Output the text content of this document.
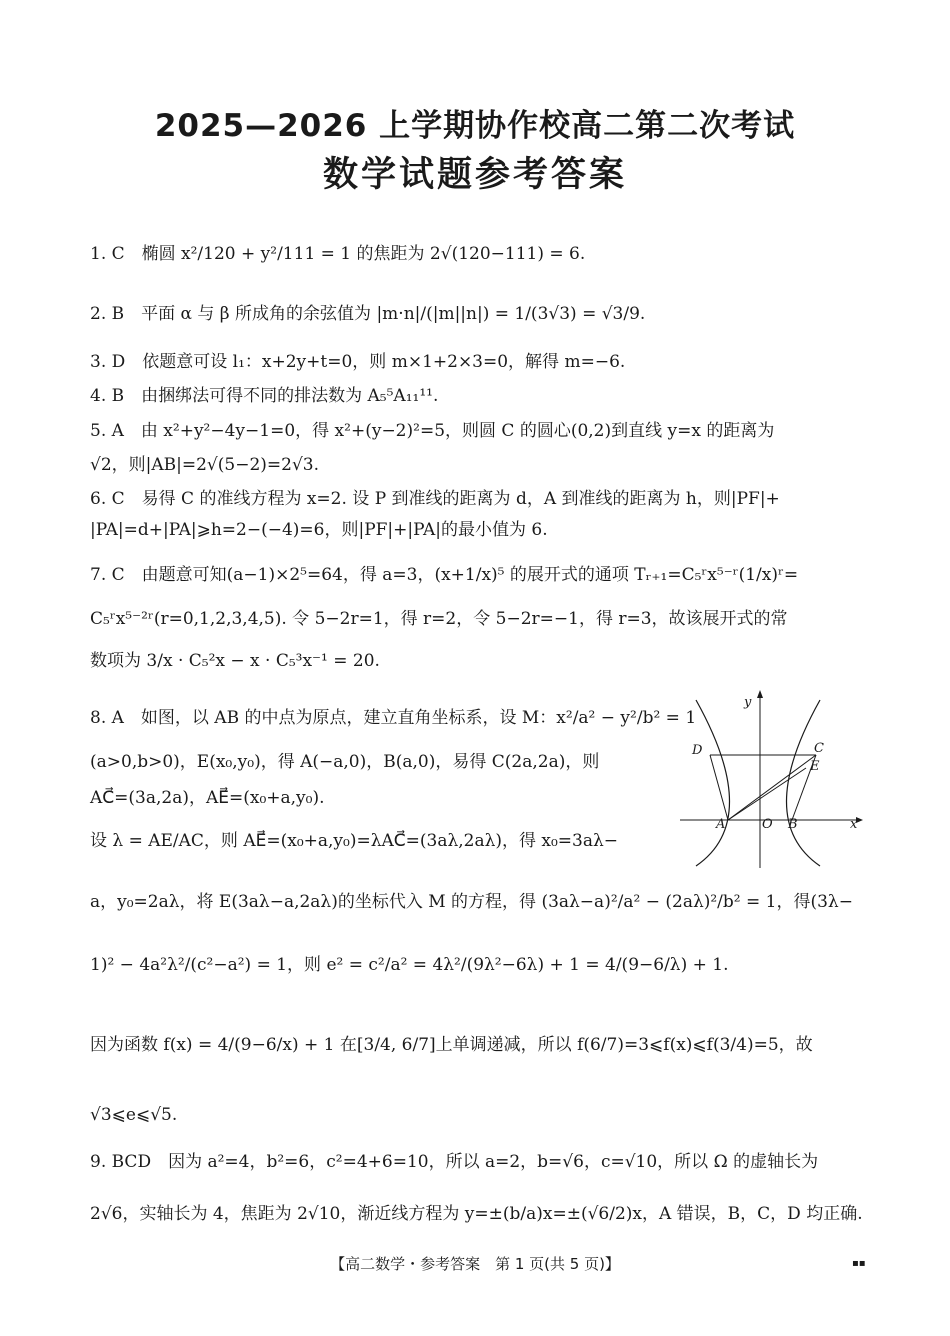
2025—2026 上学期协作校高二第二次考试
数学试题参考答案
1. C　椭圆 x²/120 + y²/111 = 1 的焦距为 2√(120−111) = 6.
2. B　平面 α 与 β 所成角的余弦值为 |m·n|/(|m||n|) = 1/(3√3) = √3/9.
3. D　依题意可设 l₁：x+2y+t=0，则 m×1+2×3=0，解得 m=−6.
4. B　由捆绑法可得不同的排法数为 A₅⁵A₁₁¹¹.
5. A　由 x²+y²−4y−1=0，得 x²+(y−2)²=5，则圆 C 的圆心(0,2)到直线 y=x 的距离为
√2，则|AB|=2√(5−2)=2√3.
6. C　易得 C 的准线方程为 x=2. 设 P 到准线的距离为 d，A 到准线的距离为 h，则|PF|+
|PA|=d+|PA|⩾h=2−(−4)=6，则|PF|+|PA|的最小值为 6.
7. C　由题意可知(a−1)×2⁵=64，得 a=3，(x+1/x)⁵ 的展开式的通项 Tᵣ₊₁=C₅ʳx⁵⁻ʳ(1/x)ʳ=
C₅ʳx⁵⁻²ʳ(r=0,1,2,3,4,5). 令 5−2r=1，得 r=2，令 5−2r=−1，得 r=3，故该展开式的常
数项为 3/x · C₅²x − x · C₅³x⁻¹ = 20.
8. A　如图，以 AB 的中点为原点，建立直角坐标系，设 M：x²/a² − y²/b² = 1
(a>0,b>0)，E(x₀,y₀)，得 A(−a,0)，B(a,0)，易得 C(2a,2a)，则
AC⃗=(3a,2a)，AE⃗=(x₀+a,y₀).
设 λ = AE/AC，则 AE⃗=(x₀+a,y₀)=λAC⃗=(3aλ,2aλ)，得 x₀=3aλ−
a，y₀=2aλ，将 E(3aλ−a,2aλ)的坐标代入 M 的方程，得 (3aλ−a)²/a² − (2aλ)²/b² = 1，得(3λ−
1)² − 4a²λ²/(c²−a²) = 1，则 e² = c²/a² = 4λ²/(9λ²−6λ) + 1 = 4/(9−6/λ) + 1.
因为函数 f(x) = 4/(9−6/x) + 1 在[3/4, 6/7]上单调递减，所以 f(6/7)=3⩽f(x)⩽f(3/4)=5，故
√3⩽e⩽√5.
9. BCD　因为 a²=4，b²=6，c²=4+6=10，所以 a=2，b=√6，c=√10，所以 Ω 的虚轴长为
2√6，实轴长为 4，焦距为 2√10，渐近线方程为 y=±(b/a)x=±(√6/2)x，A 错误，B，C，D 均正确.
y
x
O
A	B
C
D
E
【高二数学・参考答案　第 1 页(共 5 页)】	▪▪
